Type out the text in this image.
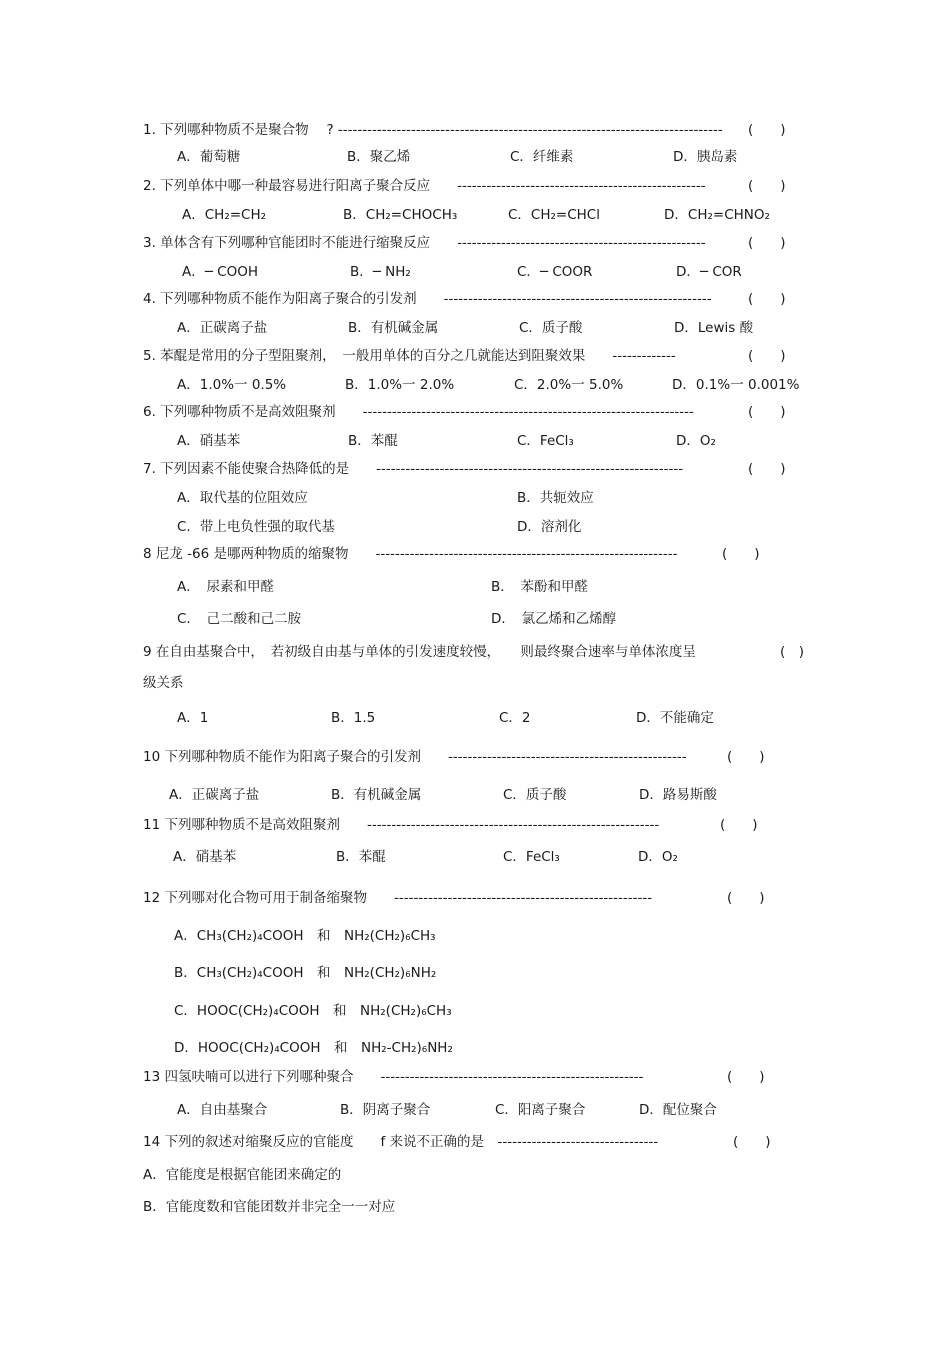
1. 下列哪种物质不是聚合物　 ? ------------------------------------------------------------------------------- (　　)
A．葡萄糖	B．聚乙烯	C．纤维素	D．胰岛素
2. 下列单体中哪一种最容易进行阳离子聚合反应　　---------------------------------------------------	(　　)
A．CH₂=CH₂	B．CH₂=CHOCH₃	C．CH₂=CHCl	D．CH₂=CHNO₂
3. 单体含有下列哪种官能团时不能进行缩聚反应　　---------------------------------------------------	(　　)
A．─ COOH	B．─ NH₂	C．─ COOR	D．─ COR
4. 下列哪种物质不能作为阳离子聚合的引发剂　　-------------------------------------------------------	(　　)
A．正碳离子盐	B．有机碱金属	C．质子酸	D．Lewis 酸
5. 苯醌是常用的分子型阻聚剂，　一般用单体的百分之几就能达到阻聚效果　　-------------	(　　)
A．1.0%一 0.5%	B．1.0%一 2.0%	C．2.0%一 5.0%	D．0.1%一 0.001%
6. 下列哪种物质不是高效阻聚剂　　--------------------------------------------------------------------	(　　)
A．硝基苯	B．苯醌	C．FeCl₃	D．O₂
7. 下列因素不能使聚合热降低的是　　---------------------------------------------------------------	(　　)
A．取代基的位阻效应	B．共轭效应
C．带上电负性强的取代基	D．溶剂化
8 尼龙 -66 是哪两种物质的缩聚物　　--------------------------------------------------------------	(　　)
A．　尿素和甲醛	B．　苯酚和甲醛
C．　己二酸和己二胺	D．　氯乙烯和乙烯醇
9 在自由基聚合中，　若初级自由基与单体的引发速度较慢，　　则最终聚合速率与单体浓度呈	(　)
级关系
A．1	B．1.5	C．2	D．不能确定
10 下列哪种物质不能作为阳离子聚合的引发剂　　-------------------------------------------------	(　　)
A．正碳离子盐	B．有机碱金属	C．质子酸	D．路易斯酸
11 下列哪种物质不是高效阻聚剂　　------------------------------------------------------------	(　　)
A．硝基苯	B．苯醌	C．FeCl₃	D．O₂
12 下列哪对化合物可用于制备缩聚物　　-----------------------------------------------------	(　　)
A．CH₃(CH₂)₄COOH　和　NH₂(CH₂)₆CH₃
B．CH₃(CH₂)₄COOH　和　NH₂(CH₂)₆NH₂
C．HOOC(CH₂)₄COOH　和　NH₂(CH₂)₆CH₃
D．HOOC(CH₂)₄COOH　和　NH₂-CH₂)₆NH₂
13 四氢呋喃可以进行下列哪种聚合　　------------------------------------------------------	(　　)
A．自由基聚合	B．阴离子聚合	C．阳离子聚合	D．配位聚合
14 下列的叙述对缩聚反应的官能度　　f 来说不正确的是　---------------------------------	(　　)
A．官能度是根据官能团来确定的
B．官能度数和官能团数并非完全一一对应
